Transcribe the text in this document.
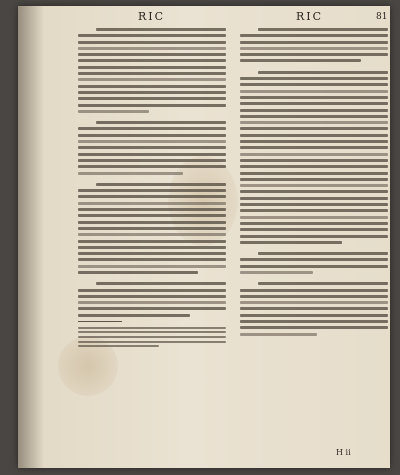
RIC	RIC	81
H ii
